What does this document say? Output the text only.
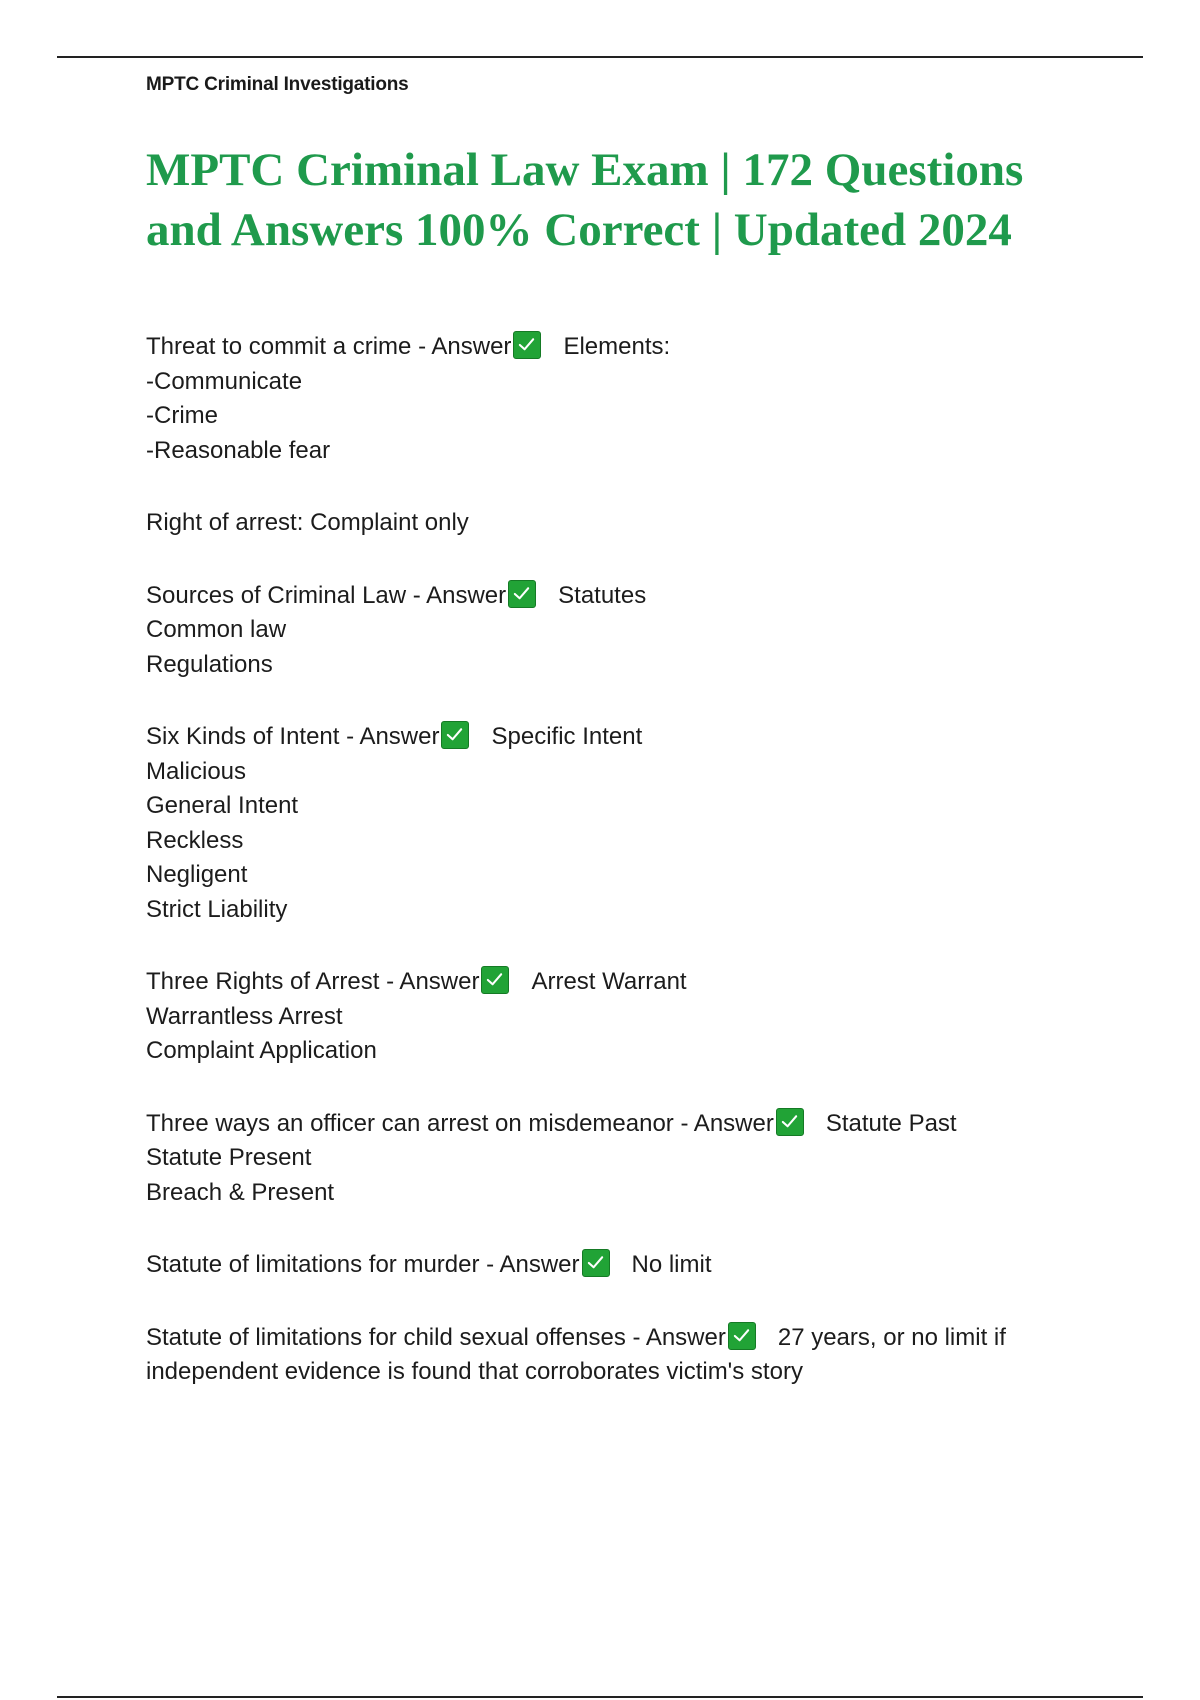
MPTC Criminal Investigations
MPTC Criminal Law Exam | 172 Questions
and Answers 100% Correct | Updated 2024
Threat to commit a crime - Answer Elements:
-Communicate
-Crime
-Reasonable fear
Right of arrest: Complaint only
Sources of Criminal Law - Answer Statutes
Common law
Regulations
Six Kinds of Intent - Answer Specific Intent
Malicious
General Intent
Reckless
Negligent
Strict Liability
Three Rights of Arrest - Answer Arrest Warrant
Warrantless Arrest
Complaint Application
Three ways an officer can arrest on misdemeanor - Answer Statute Past
Statute Present
Breach & Present
Statute of limitations for murder - Answer No limit
Statute of limitations for child sexual offenses - Answer 27 years, or no limit if
independent evidence is found that corroborates victim's story
